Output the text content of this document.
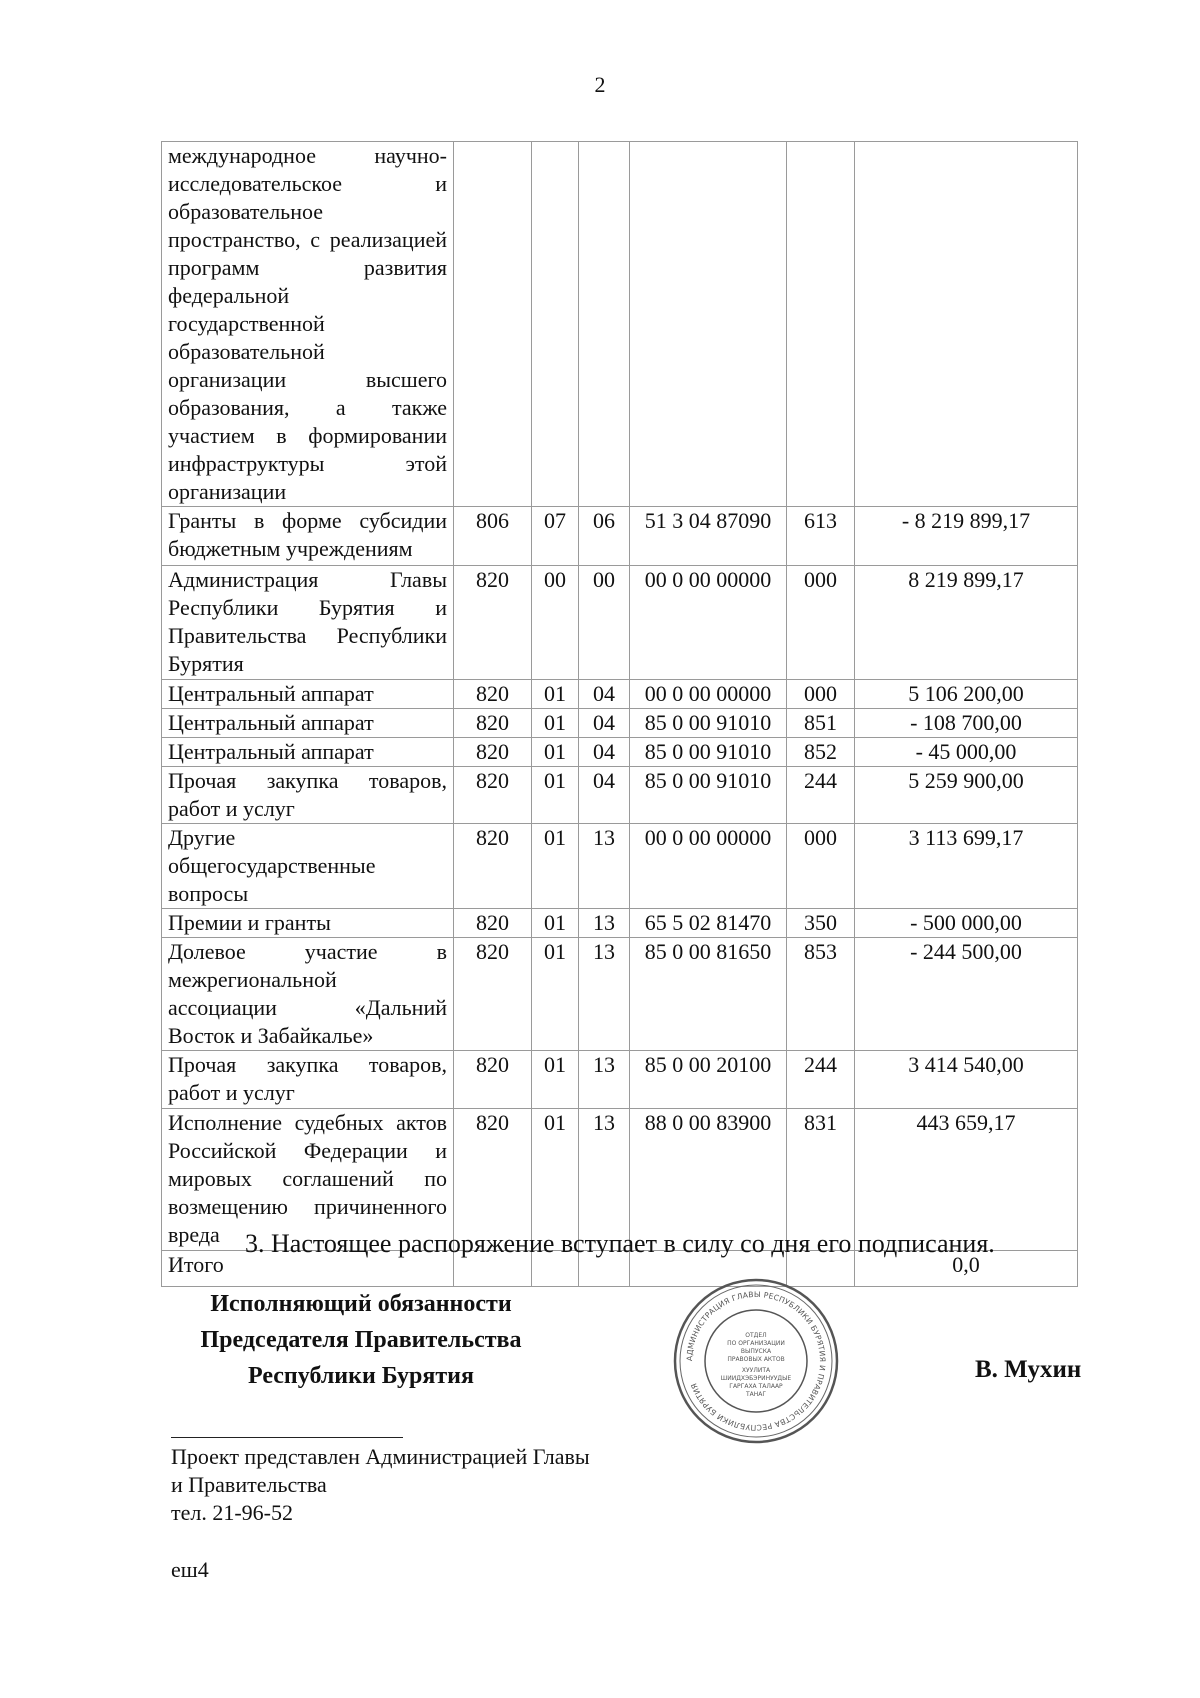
2
международное научно-исследовательское и образовательное пространство, с реализацией программ развития федеральной государственной образовательной организации высшего образования, а также участием в формировании инфраструктуры этой организации						
Гранты в форме субсидии бюджетным учреждениям	806	07	06	51 3 04 87090	613	- 8 219 899,17
Администрация Главы Республики Бурятия и Правительства Республики Бурятия	820	00	00	00 0 00 00000	000	8 219 899,17
Центральный аппарат	820	01	04	00 0 00 00000	000	5 106 200,00
Центральный аппарат	820	01	04	85 0 00 91010	851	- 108 700,00
Центральный аппарат	820	01	04	85 0 00 91010	852	- 45 000,00
Прочая закупка товаров, работ и услуг	820	01	04	85 0 00 91010	244	5 259 900,00
Другие общегосударственные вопросы	820	01	13	00 0 00 00000	000	3 113 699,17
Премии и гранты	820	01	13	65 5 02 81470	350	- 500 000,00
Долевое участие в межрегиональной ассоциации «Дальний Восток и Забайкалье»	820	01	13	85 0 00 81650	853	- 244 500,00
Прочая закупка товаров, работ и услуг	820	01	13	85 0 00 20100	244	3 414 540,00
Исполнение судебных актов Российской Федерации и мировых соглашений по возмещению причиненного вреда	820	01	13	88 0 00 83900	831	443 659,17
Итого						0,0
3. Настоящее распоряжение вступает в силу со дня его подписания.
Исполняющий обязанности
Председателя Правительства
Республики Бурятия
АДМИНИСТРАЦИЯ ГЛАВЫ РЕСПУБЛИКИ БУРЯТИЯ И ПРАВИТЕЛЬСТВА РЕСПУБЛИКИ БУРЯТИЯ
ОТДЕЛ
ПО ОРГАНИЗАЦИИ
ВЫПУСКА
ПРАВОВЫХ АКТОВ
ХУУЛИТА
ШИИДХЭБЭРИНУУДЫЕ
ГАРГАХА ТАЛААР
ТАНАГ
В. Мухин
Проект представлен Администрацией Главы
и Правительства
тел. 21-96-52
еш4
